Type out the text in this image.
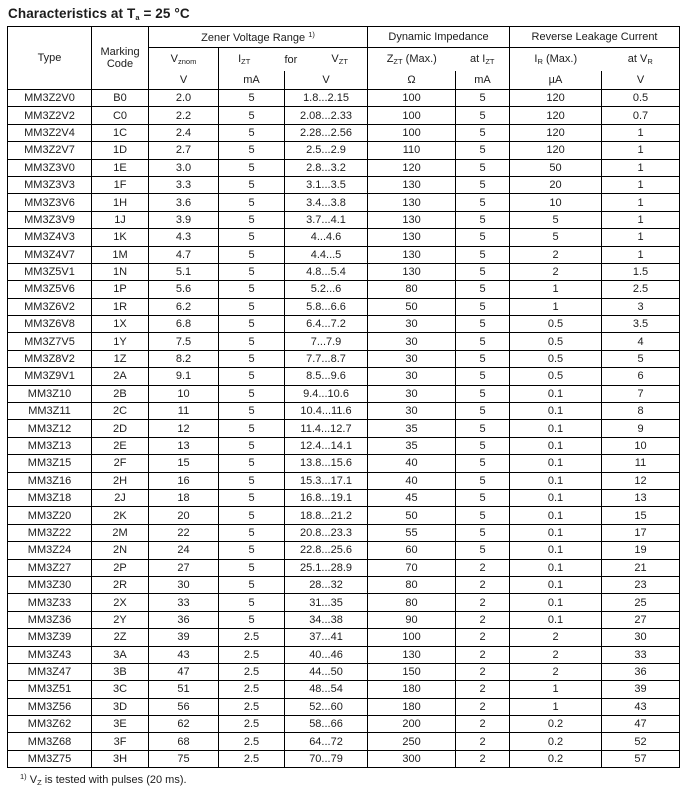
Characteristics at Ta = 25 °C
Type	Marking Code	Zener Voltage Range $^{1)}$			Dynamic Impedance		Reverse Leakage Current	
		Vznom	IZT for VZT		ZZT (Max.)	at IZT	IR (Max.)	at VR
		V	mA	V	Ω	mA	µA	V
MM3Z2V0	B0	2.0	5	1.8...2.15	100	5	120	0.5
MM3Z2V2	C0	2.2	5	2.08...2.33	100	5	120	0.7
MM3Z2V4	1C	2.4	5	2.28...2.56	100	5	120	1
MM3Z2V7	1D	2.7	5	2.5...2.9	110	5	120	1
MM3Z3V0	1E	3.0	5	2.8...3.2	120	5	50	1
MM3Z3V3	1F	3.3	5	3.1...3.5	130	5	20	1
MM3Z3V6	1H	3.6	5	3.4...3.8	130	5	10	1
MM3Z3V9	1J	3.9	5	3.7...4.1	130	5	5	1
MM3Z4V3	1K	4.3	5	4...4.6	130	5	5	1
MM3Z4V7	1M	4.7	5	4.4...5	130	5	2	1
MM3Z5V1	1N	5.1	5	4.8...5.4	130	5	2	1.5
MM3Z5V6	1P	5.6	5	5.2...6	80	5	1	2.5
MM3Z6V2	1R	6.2	5	5.8...6.6	50	5	1	3
MM3Z6V8	1X	6.8	5	6.4...7.2	30	5	0.5	3.5
MM3Z7V5	1Y	7.5	5	7...7.9	30	5	0.5	4
MM3Z8V2	1Z	8.2	5	7.7...8.7	30	5	0.5	5
MM3Z9V1	2A	9.1	5	8.5...9.6	30	5	0.5	6
MM3Z10	2B	10	5	9.4...10.6	30	5	0.1	7
MM3Z11	2C	11	5	10.4...11.6	30	5	0.1	8
MM3Z12	2D	12	5	11.4...12.7	35	5	0.1	9
MM3Z13	2E	13	5	12.4...14.1	35	5	0.1	10
MM3Z15	2F	15	5	13.8...15.6	40	5	0.1	11
MM3Z16	2H	16	5	15.3...17.1	40	5	0.1	12
MM3Z18	2J	18	5	16.8...19.1	45	5	0.1	13
MM3Z20	2K	20	5	18.8...21.2	50	5	0.1	15
MM3Z22	2M	22	5	20.8...23.3	55	5	0.1	17
MM3Z24	2N	24	5	22.8...25.6	60	5	0.1	19
MM3Z27	2P	27	5	25.1...28.9	70	2	0.1	21
MM3Z30	2R	30	5	28...32	80	2	0.1	23
MM3Z33	2X	33	5	31...35	80	2	0.1	25
MM3Z36	2Y	36	5	34...38	90	2	0.1	27
MM3Z39	2Z	39	2.5	37...41	100	2	2	30
MM3Z43	3A	43	2.5	40...46	130	2	2	33
MM3Z47	3B	47	2.5	44...50	150	2	2	36
MM3Z51	3C	51	2.5	48...54	180	2	1	39
MM3Z56	3D	56	2.5	52...60	180	2	1	43
MM3Z62	3E	62	2.5	58...66	200	2	0.2	47
MM3Z68	3F	68	2.5	64...72	250	2	0.2	52
MM3Z75	3H	75	2.5	70...79	300	2	0.2	57
$^{1)}$ VZ is tested with pulses (20 ms).
